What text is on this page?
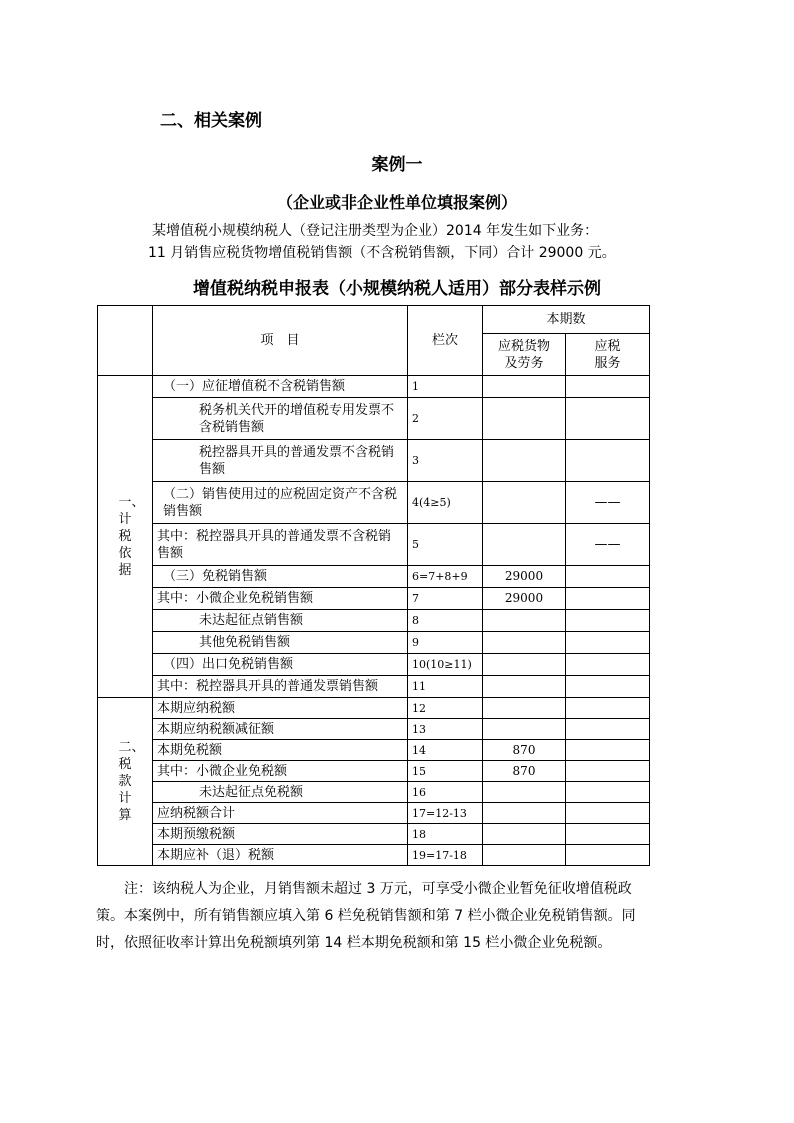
二、相关案例
案例一
（企业或非企业性单位填报案例）

某增值税小规模纳税人（登记注册类型为企业）2014 年发生如下业务：

11 月销售应税货物增值税销售额（不含税销售额，下同）合计 29000 元。

增值税纳税申报表（小规模纳税人适用）部分表样示例
	项　目	栏次	本期数	
			应税货物
及劳务	应税
服务

一、计税依据	（一）应征增值税不含税销售额	1		
	税务机关代开的增值税专用发票不含税销售额	2		
	税控器具开具的普通发票不含税销售额	3		
	（二）销售使用过的应税固定资产不含税销售额	4(4≥5)		——
	其中：税控器具开具的普通发票不含税销售额	5		——
	（三）免税销售额	6=7+8+9	29000	
	其中：小微企业免税销售额	7	29000	
	未达起征点销售额	8		
	其他免税销售额	9		
	（四）出口免税销售额	10(10≥11)		
	其中：税控器具开具的普通发票销售额	11		

二、税款计算	本期应纳税额	12		
	本期应纳税额减征额	13		
	本期免税额	14	870	
	其中：小微企业免税额	15	870	
	未达起征点免税额	16		
	应纳税额合计	17=12-13		
	本期预缴税额	18		
	本期应补（退）税额	19=17-18		

注：该纳税人为企业，月销售额未超过 3 万元，可享受小微企业暂免征收增值税政策。本案例中，所有销售额应填入第 6 栏免税销售额和第 7 栏小微企业免税销售额。同时，依照征收率计算出免税额填列第 14 栏本期免税额和第 15 栏小微企业免税额。
